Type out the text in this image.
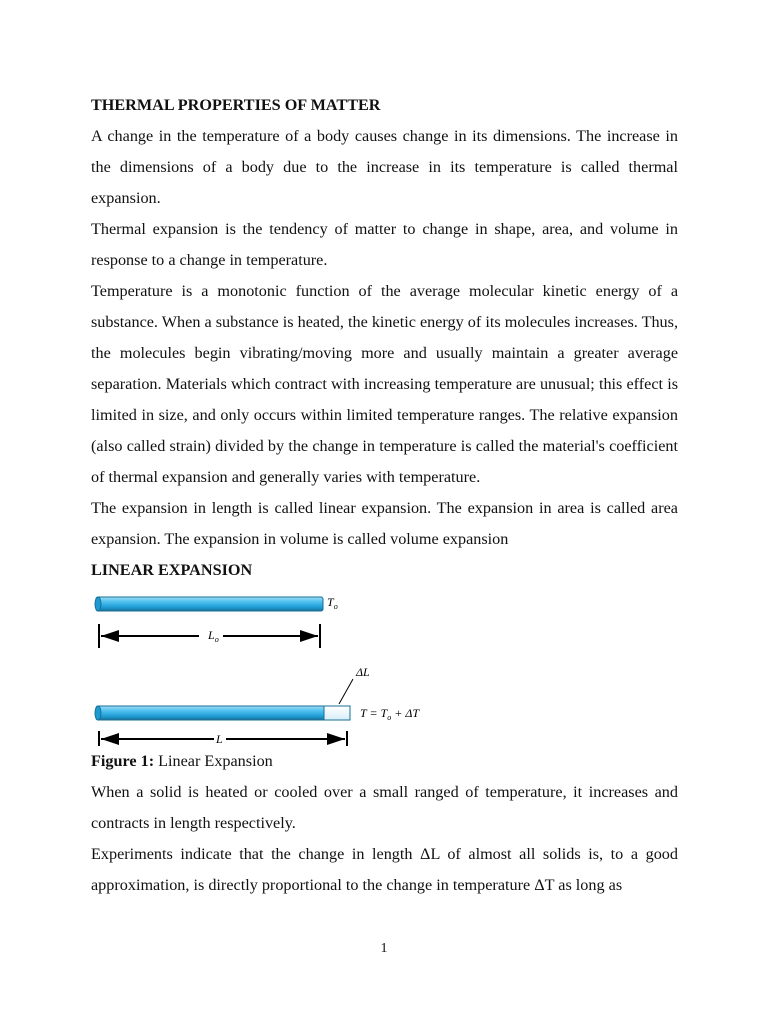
THERMAL PROPERTIES OF MATTER

A change in the temperature of a body causes change in its dimensions. The increase in the dimensions of a body due to the increase in its temperature is called thermal expansion.

Thermal expansion is the tendency of matter to change in shape, area, and volume in response to a change in temperature.

Temperature is a monotonic function of the average molecular kinetic energy of a substance. When a substance is heated, the kinetic energy of its molecules increases. Thus, the molecules begin vibrating/moving more and usually maintain a greater average separation. Materials which contract with increasing temperature are unusual; this effect is limited in size, and only occurs within limited temperature ranges. The relative expansion (also called strain) divided by the change in temperature is called the material's coefficient of thermal expansion and generally varies with temperature.

The expansion in length is called linear expansion. The expansion in area is called area expansion. The expansion in volume is called volume expansion

LINEAR EXPANSION

$T_o$
$L_o$
ΔL
$T = T_o + \Delta T$
L

Figure 1: Linear Expansion

When a solid is heated or cooled over a small ranged of temperature, it increases and contracts in length respectively.

Experiments indicate that the change in length ΔL of almost all solids is, to a good approximation, is directly proportional to the change in temperature ΔT as long as

1
